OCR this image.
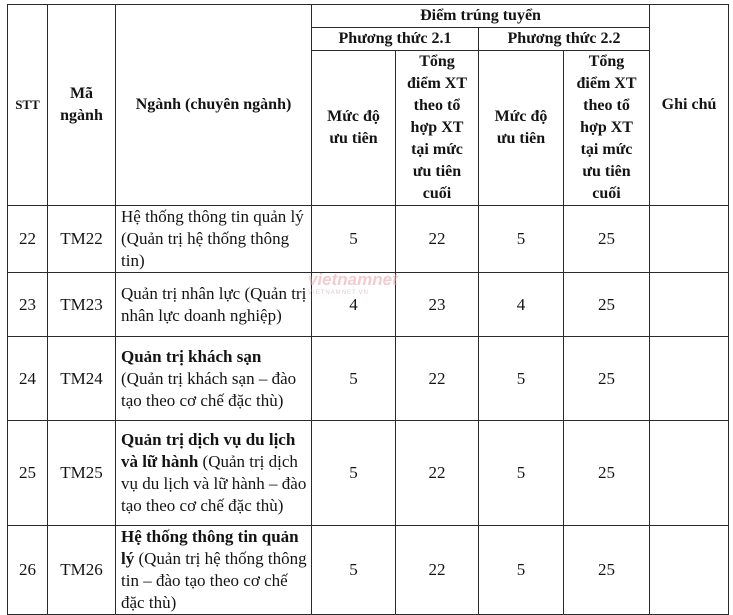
STT	Mã ngành	Ngành (chuyên ngành)	Điểm trúng tuyển				Ghi chú
			Phương thức 2.1		Phương thức 2.2		
			Mức độ ưu tiên	Tổng điểm XT theo tổ hợp XT tại mức ưu tiên cuối	Mức độ ưu tiên	Tổng điểm XT theo tổ hợp XT tại mức ưu tiên cuối	
22	TM22	Hệ thống thông tin quản lý (Quản trị hệ thống thông tin)	5	22	5	25	
23	TM23	Quản trị nhân lực (Quản trị nhân lực doanh nghiệp)	4	23	4	25	
24	TM24	Quản trị khách sạn (Quản trị khách sạn – đào tạo theo cơ chế đặc thù)	5	22	5	25	
25	TM25	Quản trị dịch vụ du lịch và lữ hành (Quản trị dịch vụ du lịch và lữ hành – đào tạo theo cơ chế đặc thù)	5	22	5	25	
26	TM26	Hệ thống thông tin quản lý (Quản trị hệ thống thông tin – đào tạo theo cơ chế đặc thù)	5	22	5	25	
vietnamnet
VIETNAMNET.VN
